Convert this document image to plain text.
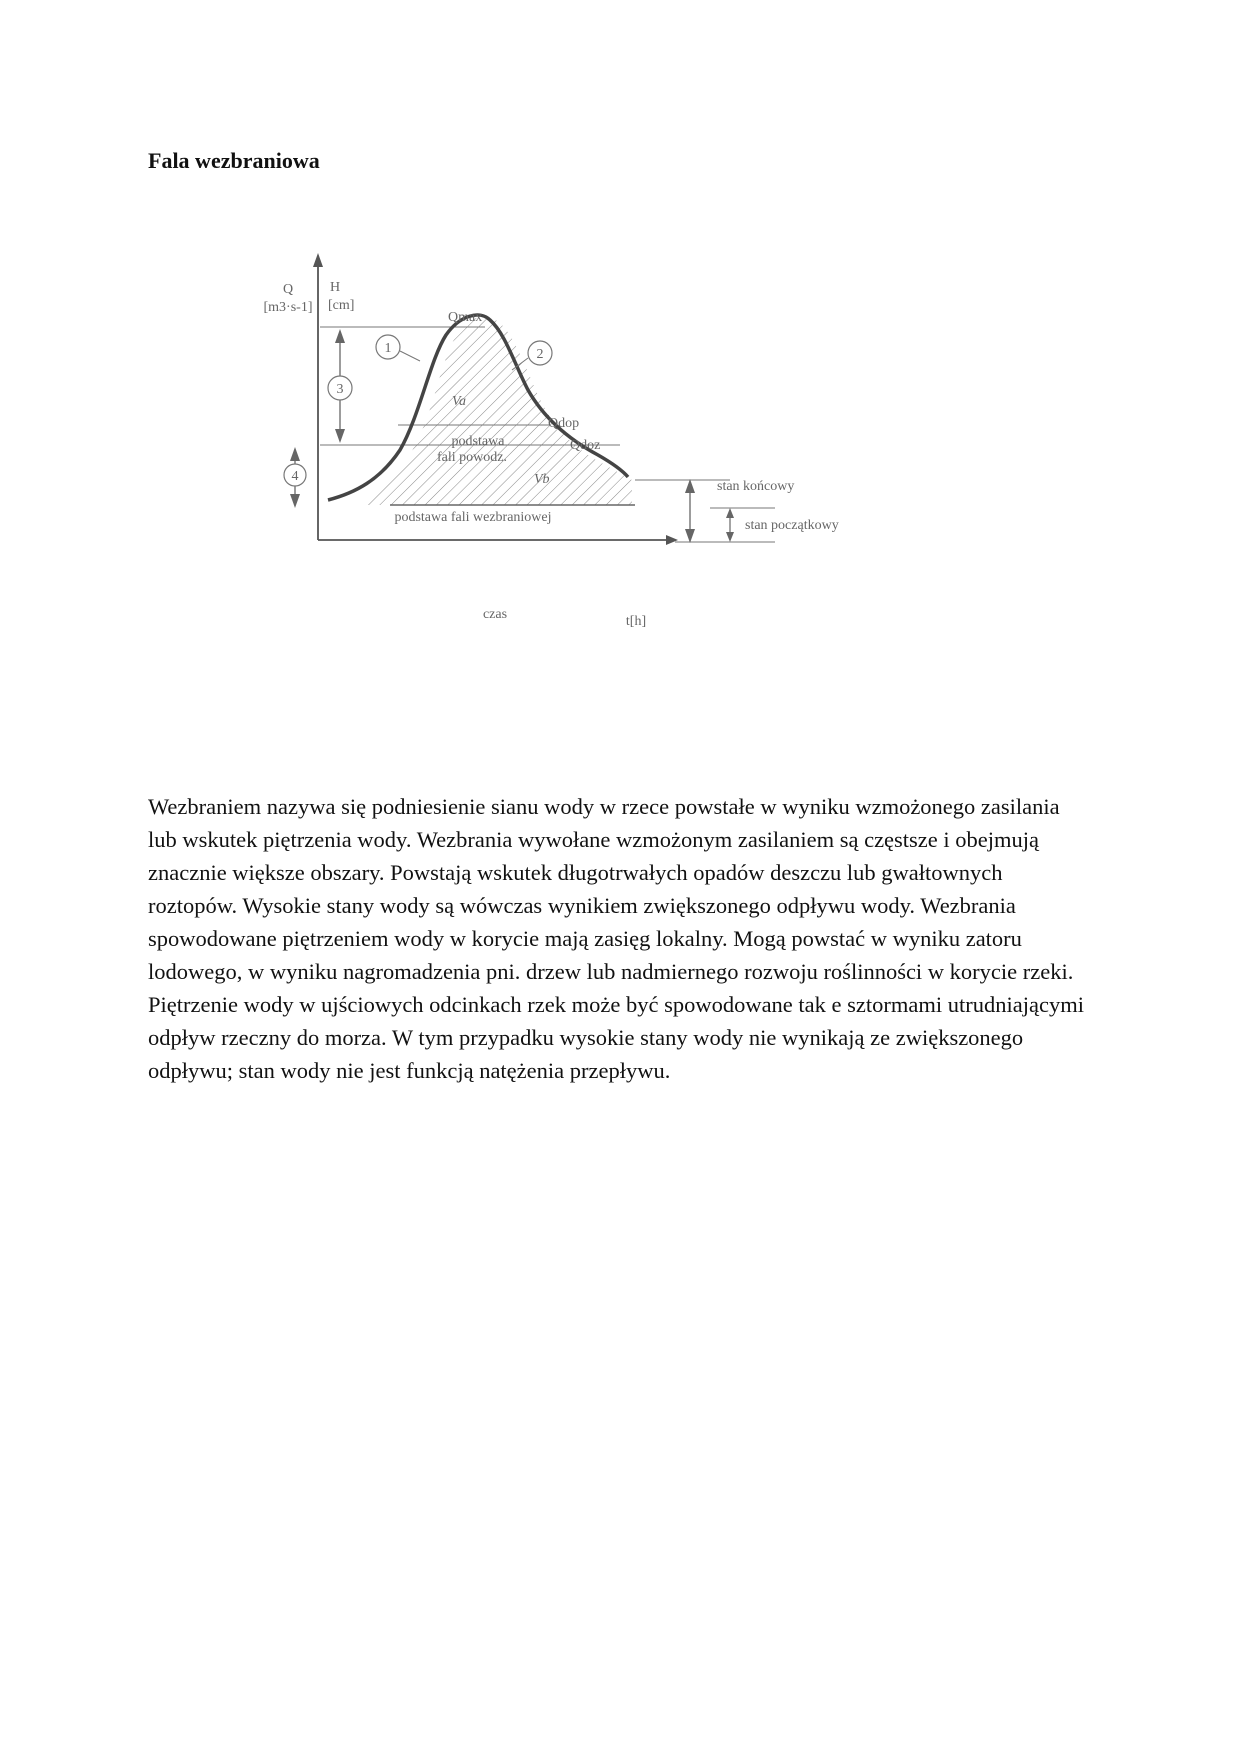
Fala wezbraniowa
3
4
1	2
Q
[m3·s-1]
H
[cm]
czas	t[h]
Qmax
Qdop
Qdoz
Va
Vb
podstawa
fali powodz.
podstawa fali wezbraniowej
stan końcowy
stan początkowy

Wezbraniem nazywa się podniesienie sianu wody w rzece powstałe w wyniku wzmożonego zasilania lub wskutek piętrzenia wody. Wezbrania wywołane wzmożonym zasilaniem są częstsze i obejmują znacznie większe obszary. Powstają wskutek długotrwałych opadów deszczu lub gwałtownych roztopów. Wysokie stany wody są wówczas wynikiem zwiększonego odpływu wody. Wezbrania spowodowane piętrzeniem wody w korycie mają zasięg lokalny. Mogą powstać w wyniku zatoru lodowego, w wyniku nagromadzenia pni. drzew lub nadmiernego rozwoju roślinności w korycie rzeki. Piętrzenie wody w ujściowych odcinkach rzek może być spowodowane tak e sztormami utrudniającymi odpływ rzeczny do morza. W tym przypadku wysokie stany wody nie wynikają ze zwiększonego odpływu; stan wody nie jest funkcją natężenia przepływu.
